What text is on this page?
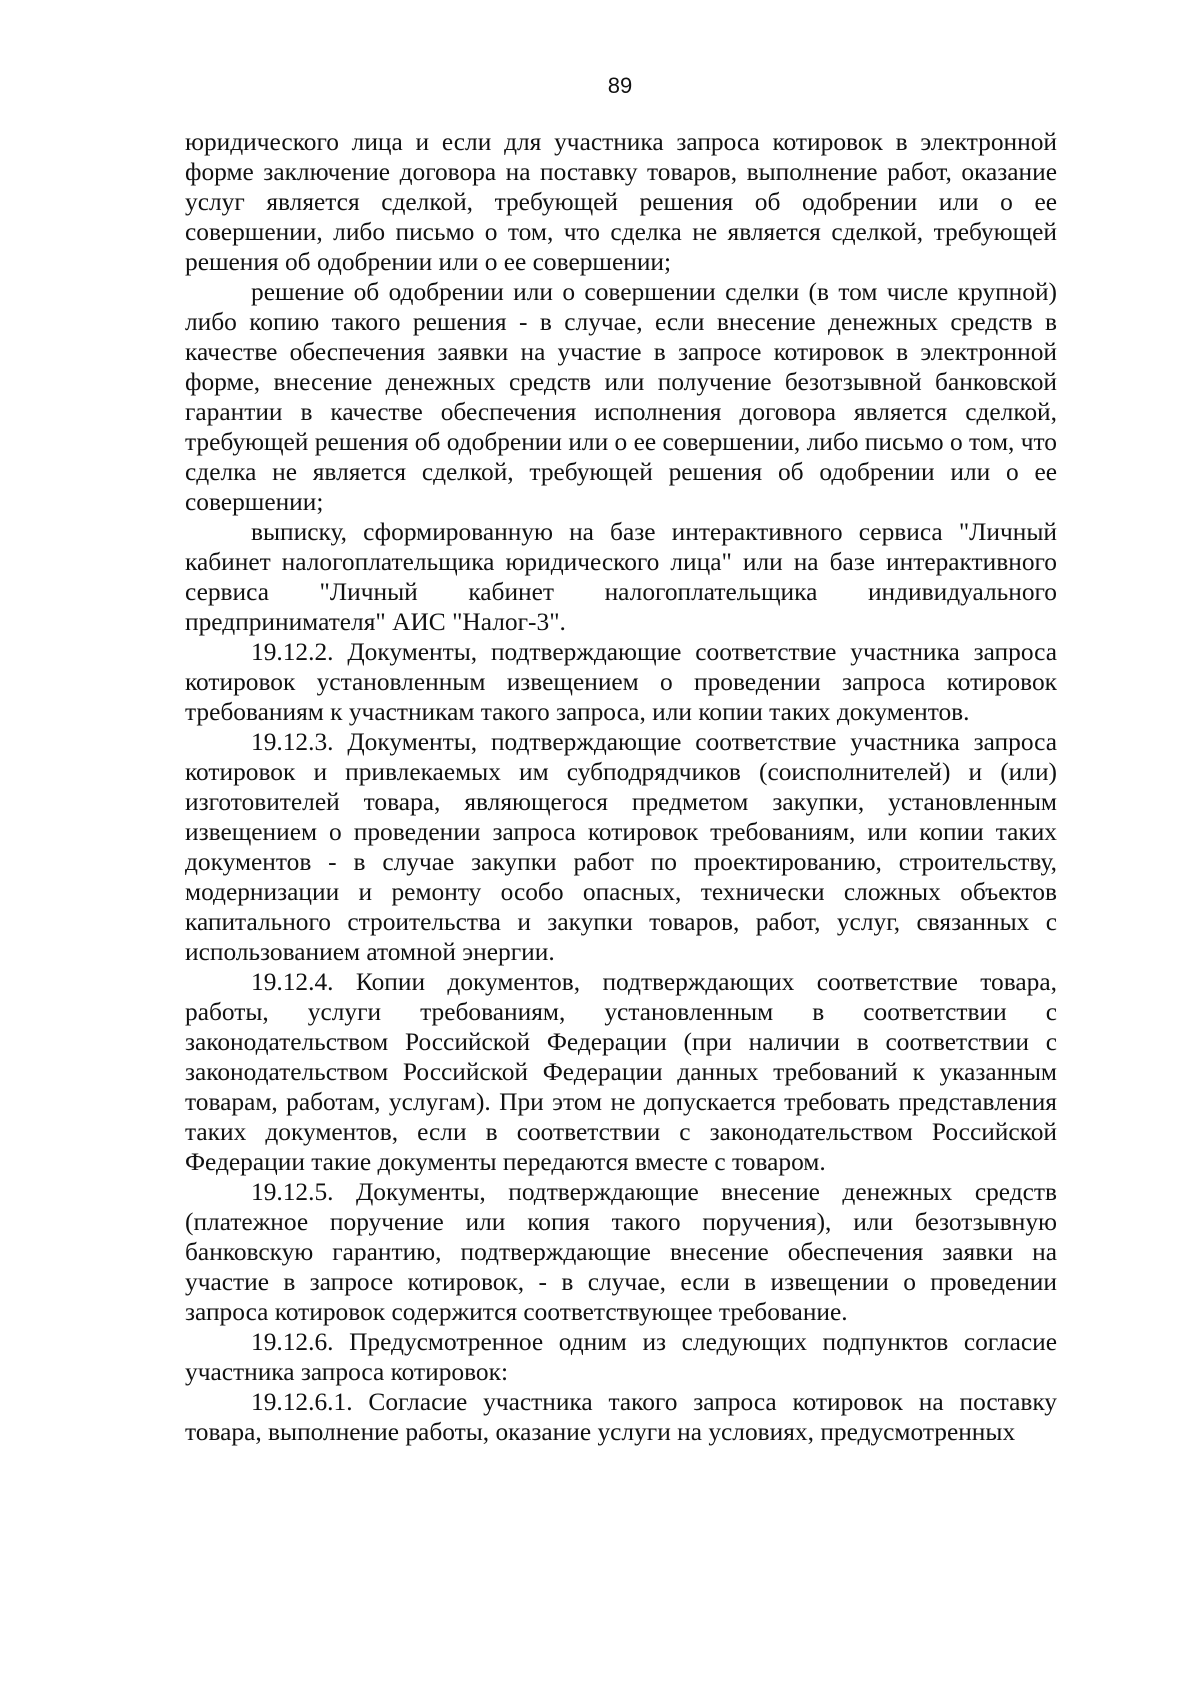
89

юридического лица и если для участника запроса котировок в электронной форме заключение договора на поставку товаров, выполнение работ, оказание услуг является сделкой, требующей решения об одобрении или о ее совершении, либо письмо о том, что сделка не является сделкой, требующей решения об одобрении или о ее совершении;

решение об одобрении или о совершении сделки (в том числе крупной) либо копию такого решения - в случае, если внесение денежных средств в качестве обеспечения заявки на участие в запросе котировок в электронной форме, внесение денежных средств или получение безотзывной банковской гарантии в качестве обеспечения исполнения договора является сделкой, требующей решения об одобрении или о ее совершении, либо письмо о том, что сделка не является сделкой, требующей решения об одобрении или о ее совершении;

выписку, сформированную на базе интерактивного сервиса "Личный кабинет налогоплательщика юридического лица" или на базе интерактивного сервиса "Личный кабинет налогоплательщика индивидуального предпринимателя" АИС "Налог-3".

19.12.2. Документы, подтверждающие соответствие участника запроса котировок установленным извещением о проведении запроса котировок требованиям к участникам такого запроса, или копии таких документов.

19.12.3. Документы, подтверждающие соответствие участника запроса котировок и привлекаемых им субподрядчиков (соисполнителей) и (или) изготовителей товара, являющегося предметом закупки, установленным извещением о проведении запроса котировок требованиям, или копии таких документов - в случае закупки работ по проектированию, строительству, модернизации и ремонту особо опасных, технически сложных объектов капитального строительства и закупки товаров, работ, услуг, связанных с использованием атомной энергии.

19.12.4. Копии документов, подтверждающих соответствие товара, работы, услуги требованиям, установленным в соответствии с законодательством Российской Федерации (при наличии в соответствии с законодательством Российской Федерации данных требований к указанным товарам, работам, услугам). При этом не допускается требовать представления таких документов, если в соответствии с законодательством Российской Федерации такие документы передаются вместе с товаром.

19.12.5. Документы, подтверждающие внесение денежных средств (платежное поручение или копия такого поручения), или безотзывную банковскую гарантию, подтверждающие внесение обеспечения заявки на участие в запросе котировок, - в случае, если в извещении о проведении запроса котировок содержится соответствующее требование.

19.12.6. Предусмотренное одним из следующих подпунктов согласие участника запроса котировок:

19.12.6.1. Согласие участника такого запроса котировок на поставку товара, выполнение работы, оказание услуги на условиях, предусмотренных
